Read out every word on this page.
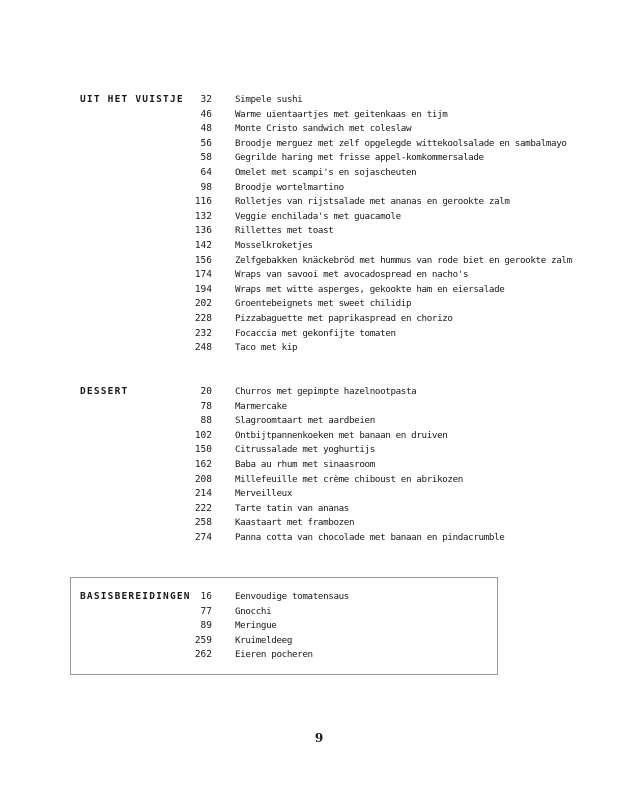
UIT HET VUISTJE	32	Simpele sushi
46	Warme uientaartjes met geitenkaas en tijm
48	Monte Cristo sandwich met coleslaw
56	Broodje merguez met zelf opgelegde wittekoolsalade en sambalmayo
58	Gegrilde haring met frisse appel-komkommersalade
64	Omelet met scampi's en sojascheuten
98	Broodje wortelmartino
116	Rolletjes van rijstsalade met ananas en gerookte zalm
132	Veggie enchilada's met guacamole
136	Rillettes met toast
142	Mosselkroketjes
156	Zelfgebakken knäckebröd met hummus van rode biet en gerookte zalm
174	Wraps van savooi met avocadospread en nacho's
194	Wraps met witte asperges, gekookte ham en eiersalade
202	Groentebeignets met sweet chilidip
228	Pizzabaguette met paprikaspread en chorizo
232	Focaccia met gekonfijte tomaten
248	Taco met kip
DESSERT	20	Churros met gepimpte hazelnootpasta
78	Marmercake
88	Slagroomtaart met aardbeien
102	Ontbijtpannenkoeken met banaan en druiven
150	Citrussalade met yoghurtijs
162	Baba au rhum met sinaasroom
208	Millefeuille met crème chiboust en abrikozen
214	Merveilleux
222	Tarte tatin van ananas
258	Kaastaart met frambozen
274	Panna cotta van chocolade met banaan en pindacrumble
BASISBEREIDINGEN	16	Eenvoudige tomatensaus
77	Gnocchi
89	Meringue
259	Kruimeldeeg
262	Eieren pocheren
9
